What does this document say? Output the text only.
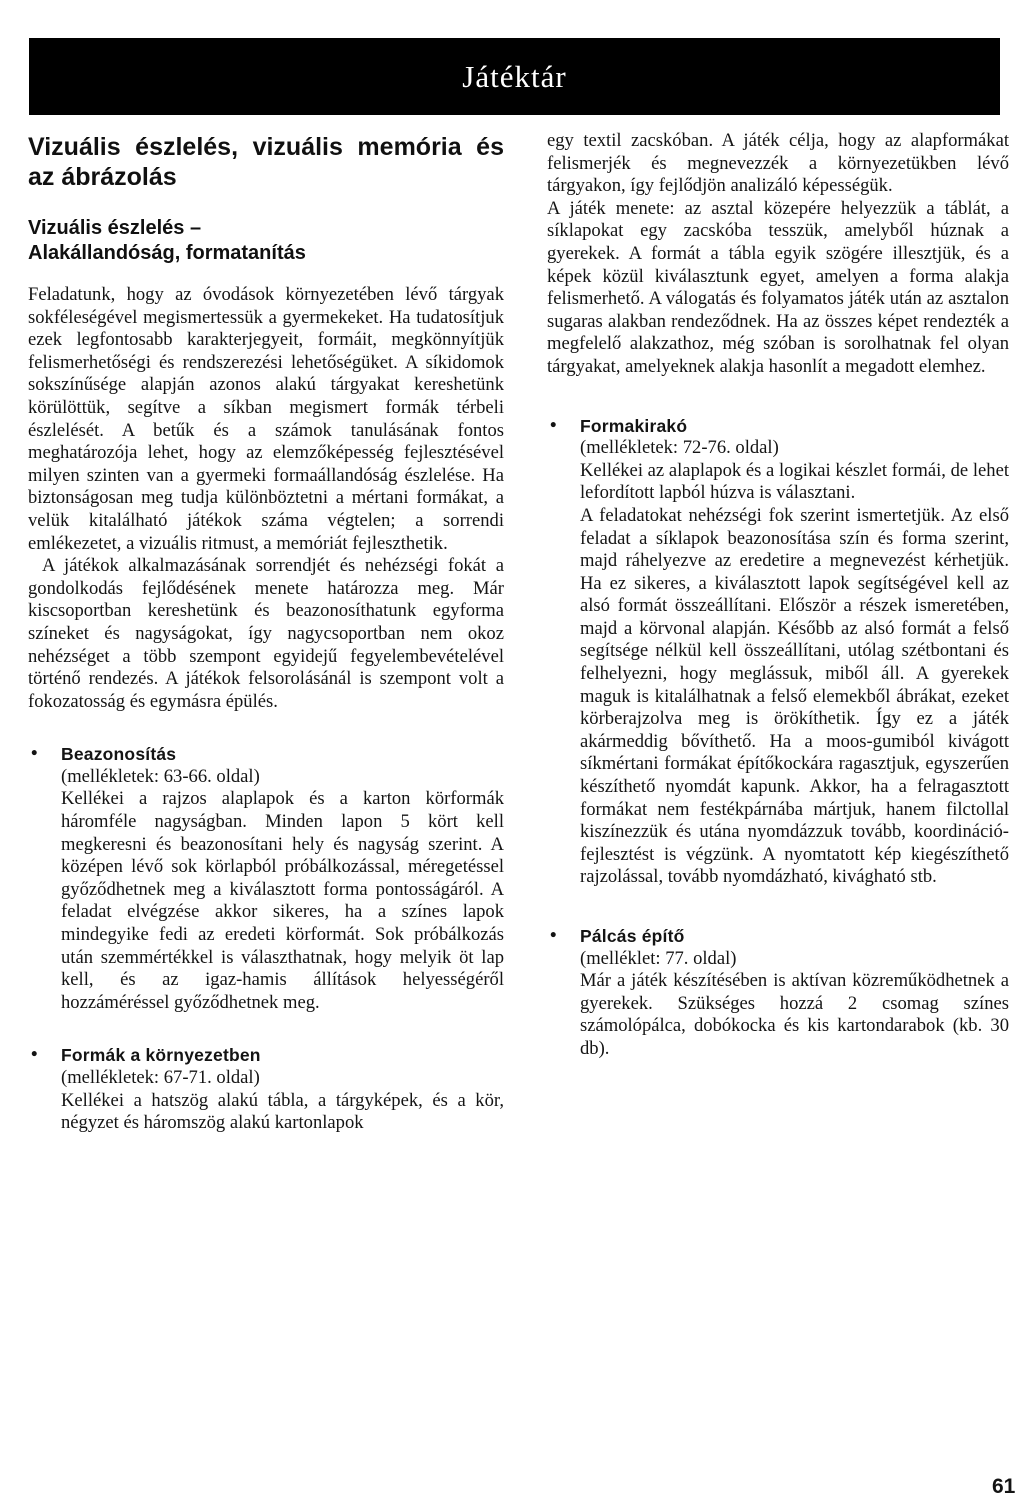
Játéktár
Vizuális észlelés, vizuális memória és az ábrázolás
Vizuális észlelés –
Alakállandóság, formatanítás

Feladatunk, hogy az óvodások környezetében lévő tárgyak sokféleségével megismertessük a gyermekeket. Ha tudatosítjuk ezek legfontosabb karakterjegyeit, formáit, megkönnyítjük felismerhetőségi és rendszerezési lehetőségüket. A síkidomok sokszínűsége alapján azonos alakú tárgyakat kereshetünk körülöttük, segítve a síkban megismert formák térbeli észlelését. A betűk és a számok tanulásának fontos meghatározója lehet, hogy az elemzőképesség fejlesztésével milyen szinten van a gyermeki formaállandóság észlelése. Ha biztonságosan meg tudja különböztetni a mértani formákat, a velük kitalálható játékok száma végtelen; a sorrendi emlékezetet, a vizuális ritmust, a memóriát fejleszthetik.

A játékok alkalmazásának sorrendjét és nehézségi fokát a gondolkodás fejlődésének menete határozza meg. Már kiscsoportban kereshetünk és beazonosíthatunk egyforma színeket és nagyságokat, így nagycsoportban nem okoz nehézséget a több szempont egyidejű fegyelembevételével történő rendezés. A játékok felsorolásánál is szempont volt a fokozatosság és egymásra épülés.

• Beazonosítás
(mellékletek: 63-66. oldal)

Kellékei a rajzos alaplapok és a karton körformák háromféle nagyságban. Minden lapon 5 kört kell megkeresni és beazonosítani hely és nagyság szerint. A középen lévő sok körlapból próbálkozással, méregetéssel győződhetnek meg a kiválasztott forma pontosságáról. A feladat elvégzése akkor sikeres, ha a színes lapok mindegyike fedi az eredeti körformát. Sok próbálkozás után szemmértékkel is választhatnak, hogy melyik öt lap kell, és az igaz-hamis állítások helyességéről hozzáméréssel győződhetnek meg.

• Formák a környezetben
(mellékletek: 67-71. oldal)

Kellékei a hatszög alakú tábla, a tárgyképek, és a kör, négyzet és háromszög alakú kartonlapok

egy textil zacskóban. A játék célja, hogy az alapformákat felismerjék és megnevezzék a környezetükben lévő tárgyakon, így fejlődjön analizáló képességük.

A játék menete: az asztal közepére helyezzük a táblát, a síklapokat egy zacskóba tesszük, amelyből húznak a gyerekek. A formát a tábla egyik szögére illesztjük, és a képek közül kiválasztunk egyet, amelyen a forma alakja felismerhető. A válogatás és folyamatos játék után az asztalon sugaras alakban rendeződnek. Ha az összes képet rendezték a megfelelő alakzathoz, még szóban is sorolhatnak fel olyan tárgyakat, amelyeknek alakja hasonlít a megadott elemhez.

• Formakirakó
(mellékletek: 72-76. oldal)

Kellékei az alaplapok és a logikai készlet formái, de lehet lefordított lapból húzva is választani.

A feladatokat nehézségi fok szerint ismertetjük. Az első feladat a síklapok beazonosítása szín és forma szerint, majd ráhelyezve az eredetire a megnevezést kérhetjük. Ha ez sikeres, a kiválasztott lapok segítségével kell az alsó formát összeállítani. Először a részek ismeretében, majd a körvonal alapján. Később az alsó formát a felső segítsége nélkül kell összeállítani, utólag szétbontani és felhelyezni, hogy meglássuk, miből áll. A gyerekek maguk is kitalálhatnak a felső elemekből ábrákat, ezeket körberajzolva meg is örökíthetik. Így ez a játék akármeddig bővíthető. Ha a moos-gumiból kivágott síkmértani formákat építőkockára ragasztjuk, egyszerűen készíthető nyomdát kapunk. Akkor, ha a felragasztott formákat nem festékpárnába mártjuk, hanem filctollal kiszínezzük és utána nyomdázzuk tovább, koordináció-fejlesztést is végzünk. A nyomtatott kép kiegészíthető rajzolással, tovább nyomdázható, kivágható stb.

• Pálcás építő
(melléklet: 77. oldal)

Már a játék készítésében is aktívan közreműködhetnek a gyerekek. Szükséges hozzá 2 csomag színes számolópálca, dobókocka és kis kartondarabok (kb. 30 db).

61
